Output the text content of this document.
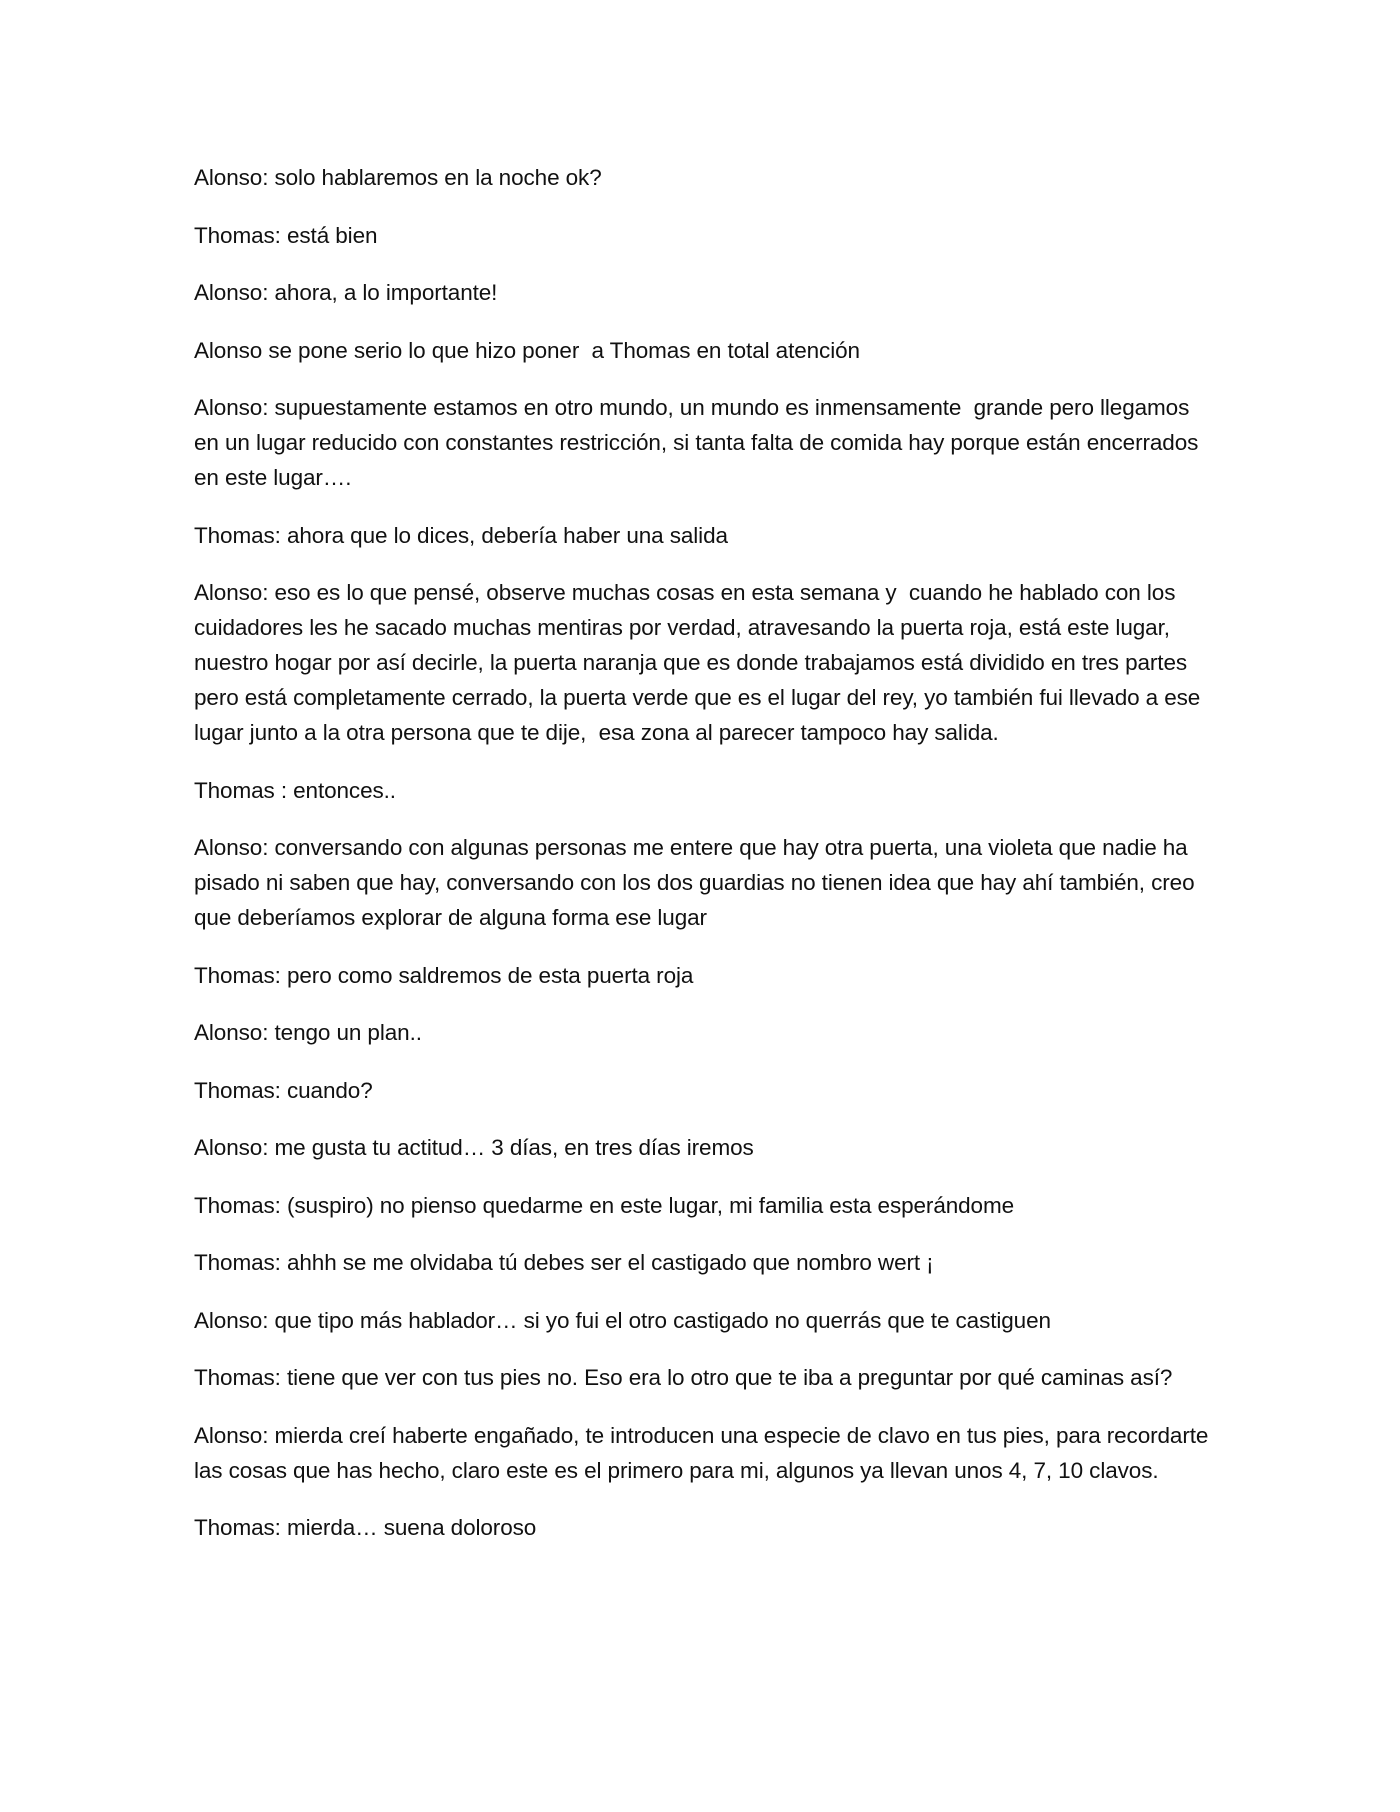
Alonso: solo hablaremos en la noche ok?

Thomas: está bien

Alonso: ahora, a lo importante!

Alonso se pone serio lo que hizo poner  a Thomas en total atención

Alonso: supuestamente estamos en otro mundo, un mundo es inmensamente  grande pero llegamos en un lugar reducido con constantes restricción, si tanta falta de comida hay porque están encerrados en este lugar….

Thomas: ahora que lo dices, debería haber una salida

Alonso: eso es lo que pensé, observe muchas cosas en esta semana y  cuando he hablado con los cuidadores les he sacado muchas mentiras por verdad, atravesando la puerta roja, está este lugar, nuestro hogar por así decirle, la puerta naranja que es donde trabajamos está dividido en tres partes pero está completamente cerrado, la puerta verde que es el lugar del rey, yo también fui llevado a ese lugar junto a la otra persona que te dije,  esa zona al parecer tampoco hay salida.

Thomas : entonces..

Alonso: conversando con algunas personas me entere que hay otra puerta, una violeta que nadie ha pisado ni saben que hay, conversando con los dos guardias no tienen idea que hay ahí también, creo que deberíamos explorar de alguna forma ese lugar

Thomas: pero como saldremos de esta puerta roja

Alonso: tengo un plan..

Thomas: cuando?

Alonso: me gusta tu actitud… 3 días, en tres días iremos

Thomas: (suspiro) no pienso quedarme en este lugar, mi familia esta esperándome

Thomas: ahhh se me olvidaba tú debes ser el castigado que nombro wert ¡

Alonso: que tipo más hablador… si yo fui el otro castigado no querrás que te castiguen

Thomas: tiene que ver con tus pies no. Eso era lo otro que te iba a preguntar por qué caminas así?

Alonso: mierda creí haberte engañado, te introducen una especie de clavo en tus pies, para recordarte las cosas que has hecho, claro este es el primero para mi, algunos ya llevan unos 4, 7, 10 clavos.

Thomas: mierda… suena doloroso
